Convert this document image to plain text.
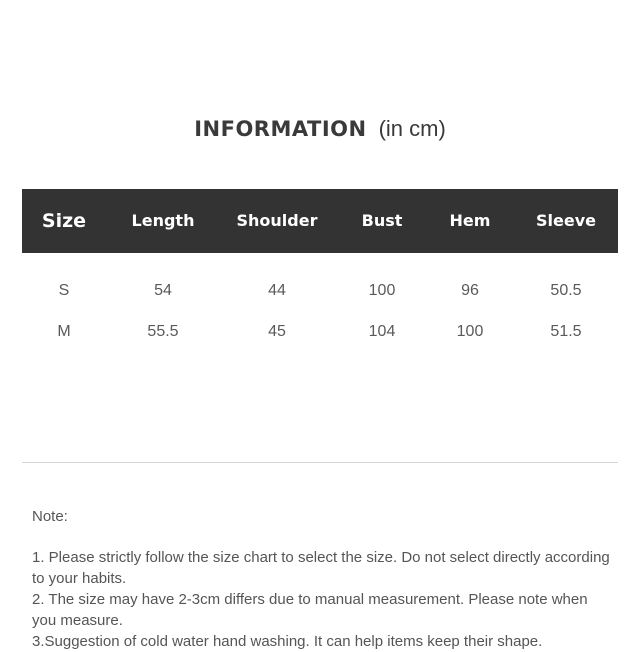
INFORMATION (in cm)
Size	Length	Shoulder	Bust	Hem	Sleeve
S	54	44	100	96	50.5
M	55.5	45	104	100	51.5
Note:

1. Please strictly follow the size chart to select the size. Do not select directly according to your habits.

2. The size may have 2-3cm differs due to manual measurement. Please note when you measure.

3.Suggestion of cold water hand washing. It can help items keep their shape.
